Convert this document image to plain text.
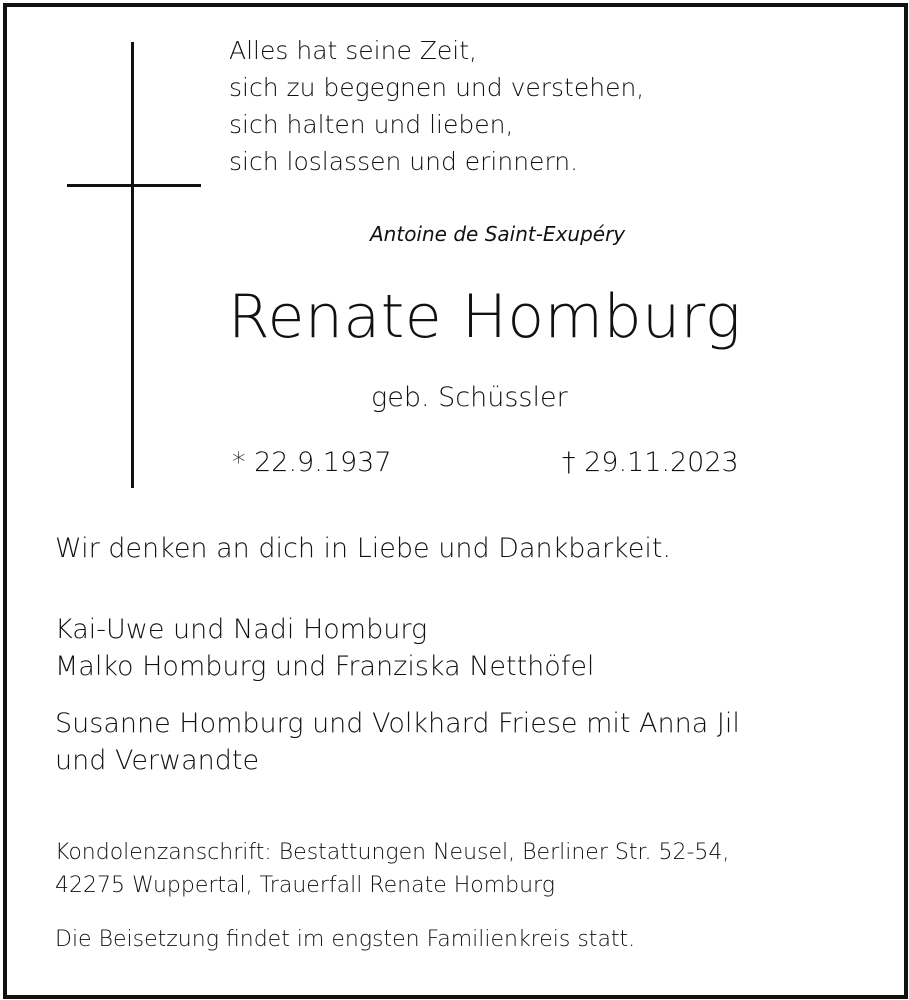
Alles hat seine Zeit,
sich zu begegnen und verstehen,
sich halten und lieben,
sich loslassen und erinnern.
Antoine de Saint-Exupéry
Renate Homburg
geb. Schüssler
* 22.9.1937	† 29.11.2023
Wir denken an dich in Liebe und Dankbarkeit.
Kai-Uwe und Nadi Homburg
Malko Homburg und Franziska Netthöfel
Susanne Homburg und Volkhard Friese mit Anna Jil
und Verwandte
Kondolenzanschrift: Bestattungen Neusel, Berliner Str. 52-54,
42275 Wuppertal, Trauerfall Renate Homburg
Die Beisetzung findet im engsten Familienkreis statt.
